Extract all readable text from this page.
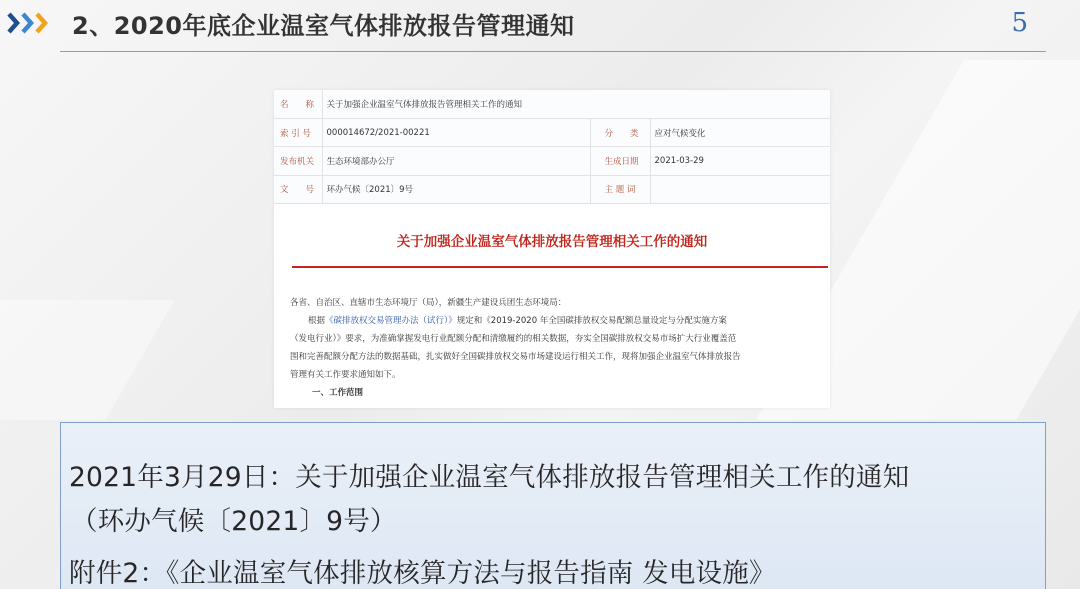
2、2020年底企业温室气体排放报告管理通知	5
名　　称	关于加强企业温室气体排放报告管理相关工作的通知		
索 引 号	000014672/2021-00221	分　　类	应对气候变化
发布机关	生态环境部办公厅	生成日期	2021-03-29
文　　号	环办气候〔2021〕9号	主 题 词	
关于加强企业温室气体排放报告管理相关工作的通知

各省、自治区、直辖市生态环境厅（局），新疆生产建设兵团生态环境局：

根据《碳排放权交易管理办法（试行）》规定和《2019-2020 年全国碳排放权交易配额总量设定与分配实施方案

（发电行业）》要求，为准确掌握发电行业配额分配和清缴履约的相关数据，夯实全国碳排放权交易市场扩大行业覆盖范

围和完善配额分配方法的数据基础，扎实做好全国碳排放权交易市场建设运行相关工作，现将加强企业温室气体排放报告

管理有关工作要求通知如下。

一、工作范围

2021年3月29日：关于加强企业温室气体排放报告管理相关工作的通知
（环办气候〔2021〕9号）
附件2：《企业温室气体排放核算方法与报告指南 发电设施》
